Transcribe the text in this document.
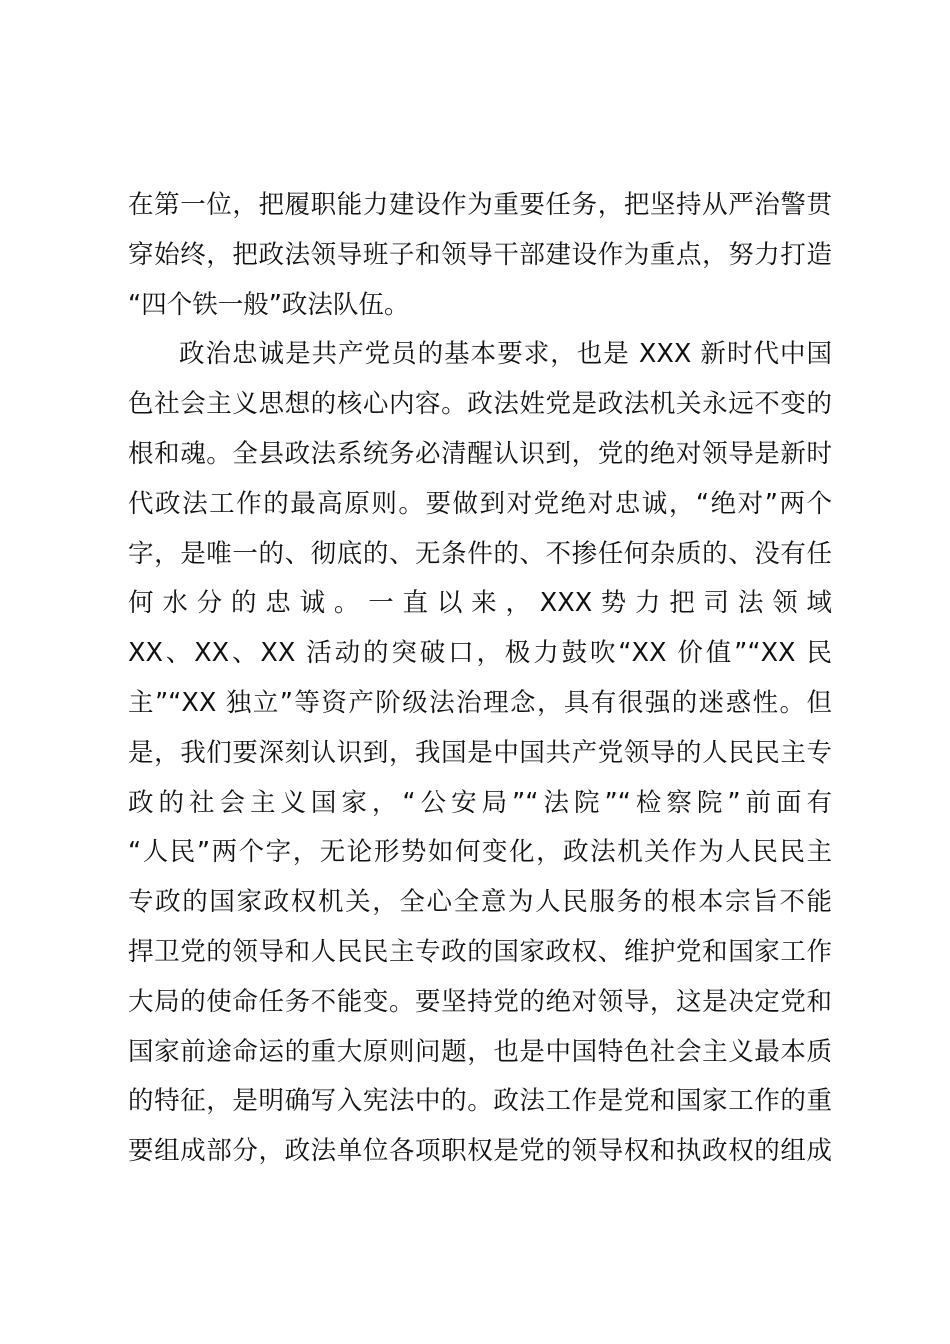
在第一位，把履职能力建设作为重要任务，把坚持从严治警贯
穿始终，把政法领导班子和领导干部建设作为重点，努力打造
“四个铁一般”政法队伍。
政治忠诚是共产党员的基本要求，也是 XXX 新时代中国
色社会主义思想的核心内容。政法姓党是政法机关永远不变的
根和魂。全县政法系统务必清醒认识到，党的绝对领导是新时
代政法工作的最高原则。要做到对党绝对忠诚，“绝对”两个
字，是唯一的、彻底的、无条件的、不掺任何杂质的、没有任
何 水 分 的 忠 诚 。 一 直 以 来 ， XXX 势 力 把 司 法 领 域
XX、XX、XX 活动的突破口，极力鼓吹“XX 价值”“XX 民
主”“XX 独立”等资产阶级法治理念，具有很强的迷惑性。但
是，我们要深刻认识到，我国是中国共产党领导的人民民主专
政的社会主义国家，“公安局”“法院”“检察院”前面有
“人民”两个字，无论形势如何变化，政法机关作为人民民主
专政的国家政权机关，全心全意为人民服务的根本宗旨不能
捍卫党的领导和人民民主专政的国家政权、维护党和国家工作
大局的使命任务不能变。要坚持党的绝对领导，这是决定党和
国家前途命运的重大原则问题，也是中国特色社会主义最本质
的特征，是明确写入宪法中的。政法工作是党和国家工作的重
要组成部分，政法单位各项职权是党的领导权和执政权的组成
